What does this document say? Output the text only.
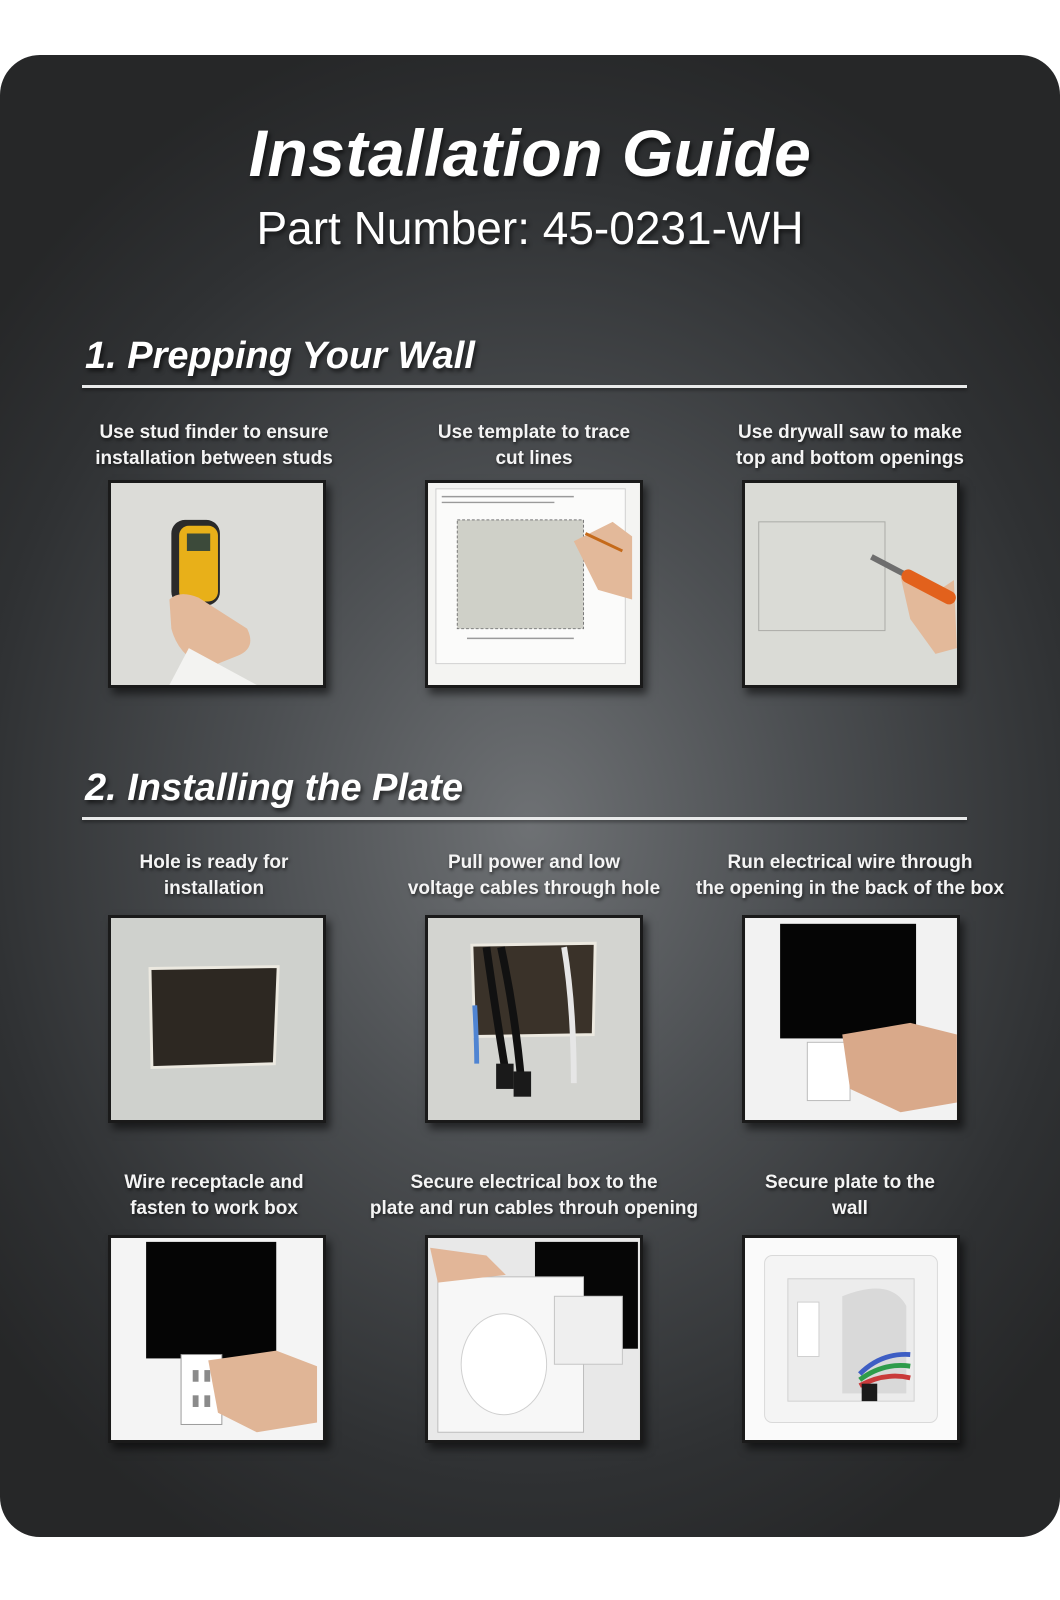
Installation Guide
Part Number: 45-0231-WH
1. Prepping Your Wall
Use stud finder to ensure
installation between studs
Use template to trace
cut lines
Use drywall saw to make
top and bottom openings
2. Installing the Plate
Hole is ready for
installation
Pull power and low
voltage cables through hole
Run electrical wire through
the opening in the back of the box
Wire receptacle and
fasten to work box
Secure electrical box to the
plate and run cables throuh opening
Secure plate to the
wall
